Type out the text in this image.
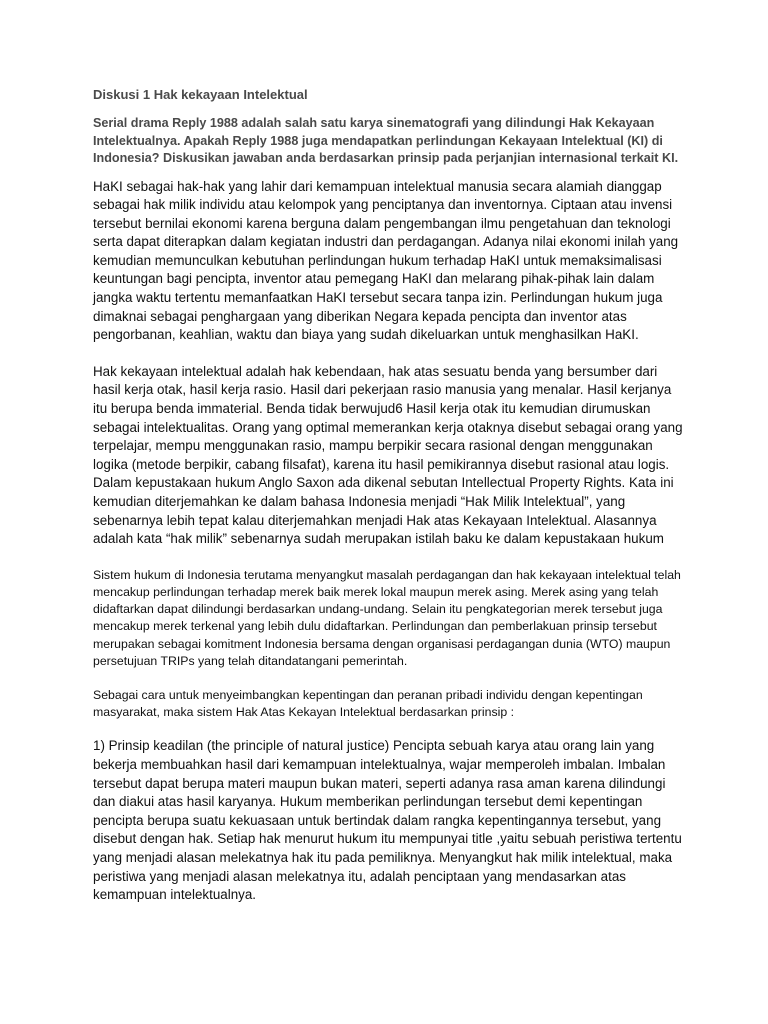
Diskusi 1 Hak kekayaan Intelektual

Serial drama Reply 1988 adalah salah satu karya sinematografi yang dilindungi Hak Kekayaan Intelektualnya. Apakah Reply 1988 juga mendapatkan perlindungan Kekayaan Intelektual (KI) di Indonesia? Diskusikan jawaban anda berdasarkan prinsip pada perjanjian internasional terkait KI.

HaKI sebagai hak-hak yang lahir dari kemampuan intelektual manusia secara alamiah dianggap sebagai hak milik individu atau kelompok yang penciptanya dan inventornya. Ciptaan atau invensi tersebut bernilai ekonomi karena berguna dalam pengembangan ilmu pengetahuan dan teknologi serta dapat diterapkan dalam kegiatan industri dan perdagangan. Adanya nilai ekonomi inilah yang kemudian memunculkan kebutuhan perlindungan hukum terhadap HaKI untuk memaksimalisasi keuntungan bagi pencipta, inventor atau pemegang HaKI dan melarang pihak-pihak lain dalam jangka waktu tertentu memanfaatkan HaKI tersebut secara tanpa izin. Perlindungan hukum juga dimaknai sebagai penghargaan yang diberikan Negara kepada pencipta dan inventor atas pengorbanan, keahlian, waktu dan biaya yang sudah dikeluarkan untuk menghasilkan HaKI.

Hak kekayaan intelektual adalah hak kebendaan, hak atas sesuatu benda yang bersumber dari hasil kerja otak, hasil kerja rasio. Hasil dari pekerjaan rasio manusia yang menalar. Hasil kerjanya itu berupa benda immaterial. Benda tidak berwujud6 Hasil kerja otak itu kemudian dirumuskan sebagai intelektualitas. Orang yang optimal memerankan kerja otaknya disebut sebagai orang yang terpelajar, mempu menggunakan rasio, mampu berpikir secara rasional dengan menggunakan logika (metode berpikir, cabang filsafat), karena itu hasil pemikirannya disebut rasional atau logis. Dalam kepustakaan hukum Anglo Saxon ada dikenal sebutan Intellectual Property Rights. Kata ini kemudian diterjemahkan ke dalam bahasa Indonesia menjadi “Hak Milik Intelektual”, yang sebenarnya lebih tepat kalau diterjemahkan menjadi Hak atas Kekayaan Intelektual. Alasannya adalah kata “hak milik” sebenarnya sudah merupakan istilah baku ke dalam kepustakaan hukum

Sistem hukum di Indonesia terutama menyangkut masalah perdagangan dan hak kekayaan intelektual telah mencakup perlindungan terhadap merek baik merek lokal maupun merek asing. Merek asing yang telah didaftarkan dapat dilindungi berdasarkan undang-undang. Selain itu pengkategorian merek tersebut juga mencakup merek terkenal yang lebih dulu didaftarkan. Perlindungan dan pemberlakuan prinsip tersebut merupakan sebagai komitment Indonesia bersama dengan organisasi perdagangan dunia (WTO) maupun persetujuan TRIPs yang telah ditandatangani pemerintah.

Sebagai cara untuk menyeimbangkan kepentingan dan peranan pribadi individu dengan kepentingan masyarakat, maka sistem Hak Atas Kekayan Intelektual berdasarkan prinsip :

1) Prinsip keadilan (the principle of natural justice) Pencipta sebuah karya atau orang lain yang bekerja membuahkan hasil dari kemampuan intelektualnya, wajar memperoleh imbalan. Imbalan tersebut dapat berupa materi maupun bukan materi, seperti adanya rasa aman karena dilindungi dan diakui atas hasil karyanya. Hukum memberikan perlindungan tersebut demi kepentingan pencipta berupa suatu kekuasaan untuk bertindak dalam rangka kepentingannya tersebut, yang disebut dengan hak. Setiap hak menurut hukum itu mempunyai title ,yaitu sebuah peristiwa tertentu yang menjadi alasan melekatnya hak itu pada pemiliknya. Menyangkut hak milik intelektual, maka peristiwa yang menjadi alasan melekatnya itu, adalah penciptaan yang mendasarkan atas kemampuan intelektualnya.
